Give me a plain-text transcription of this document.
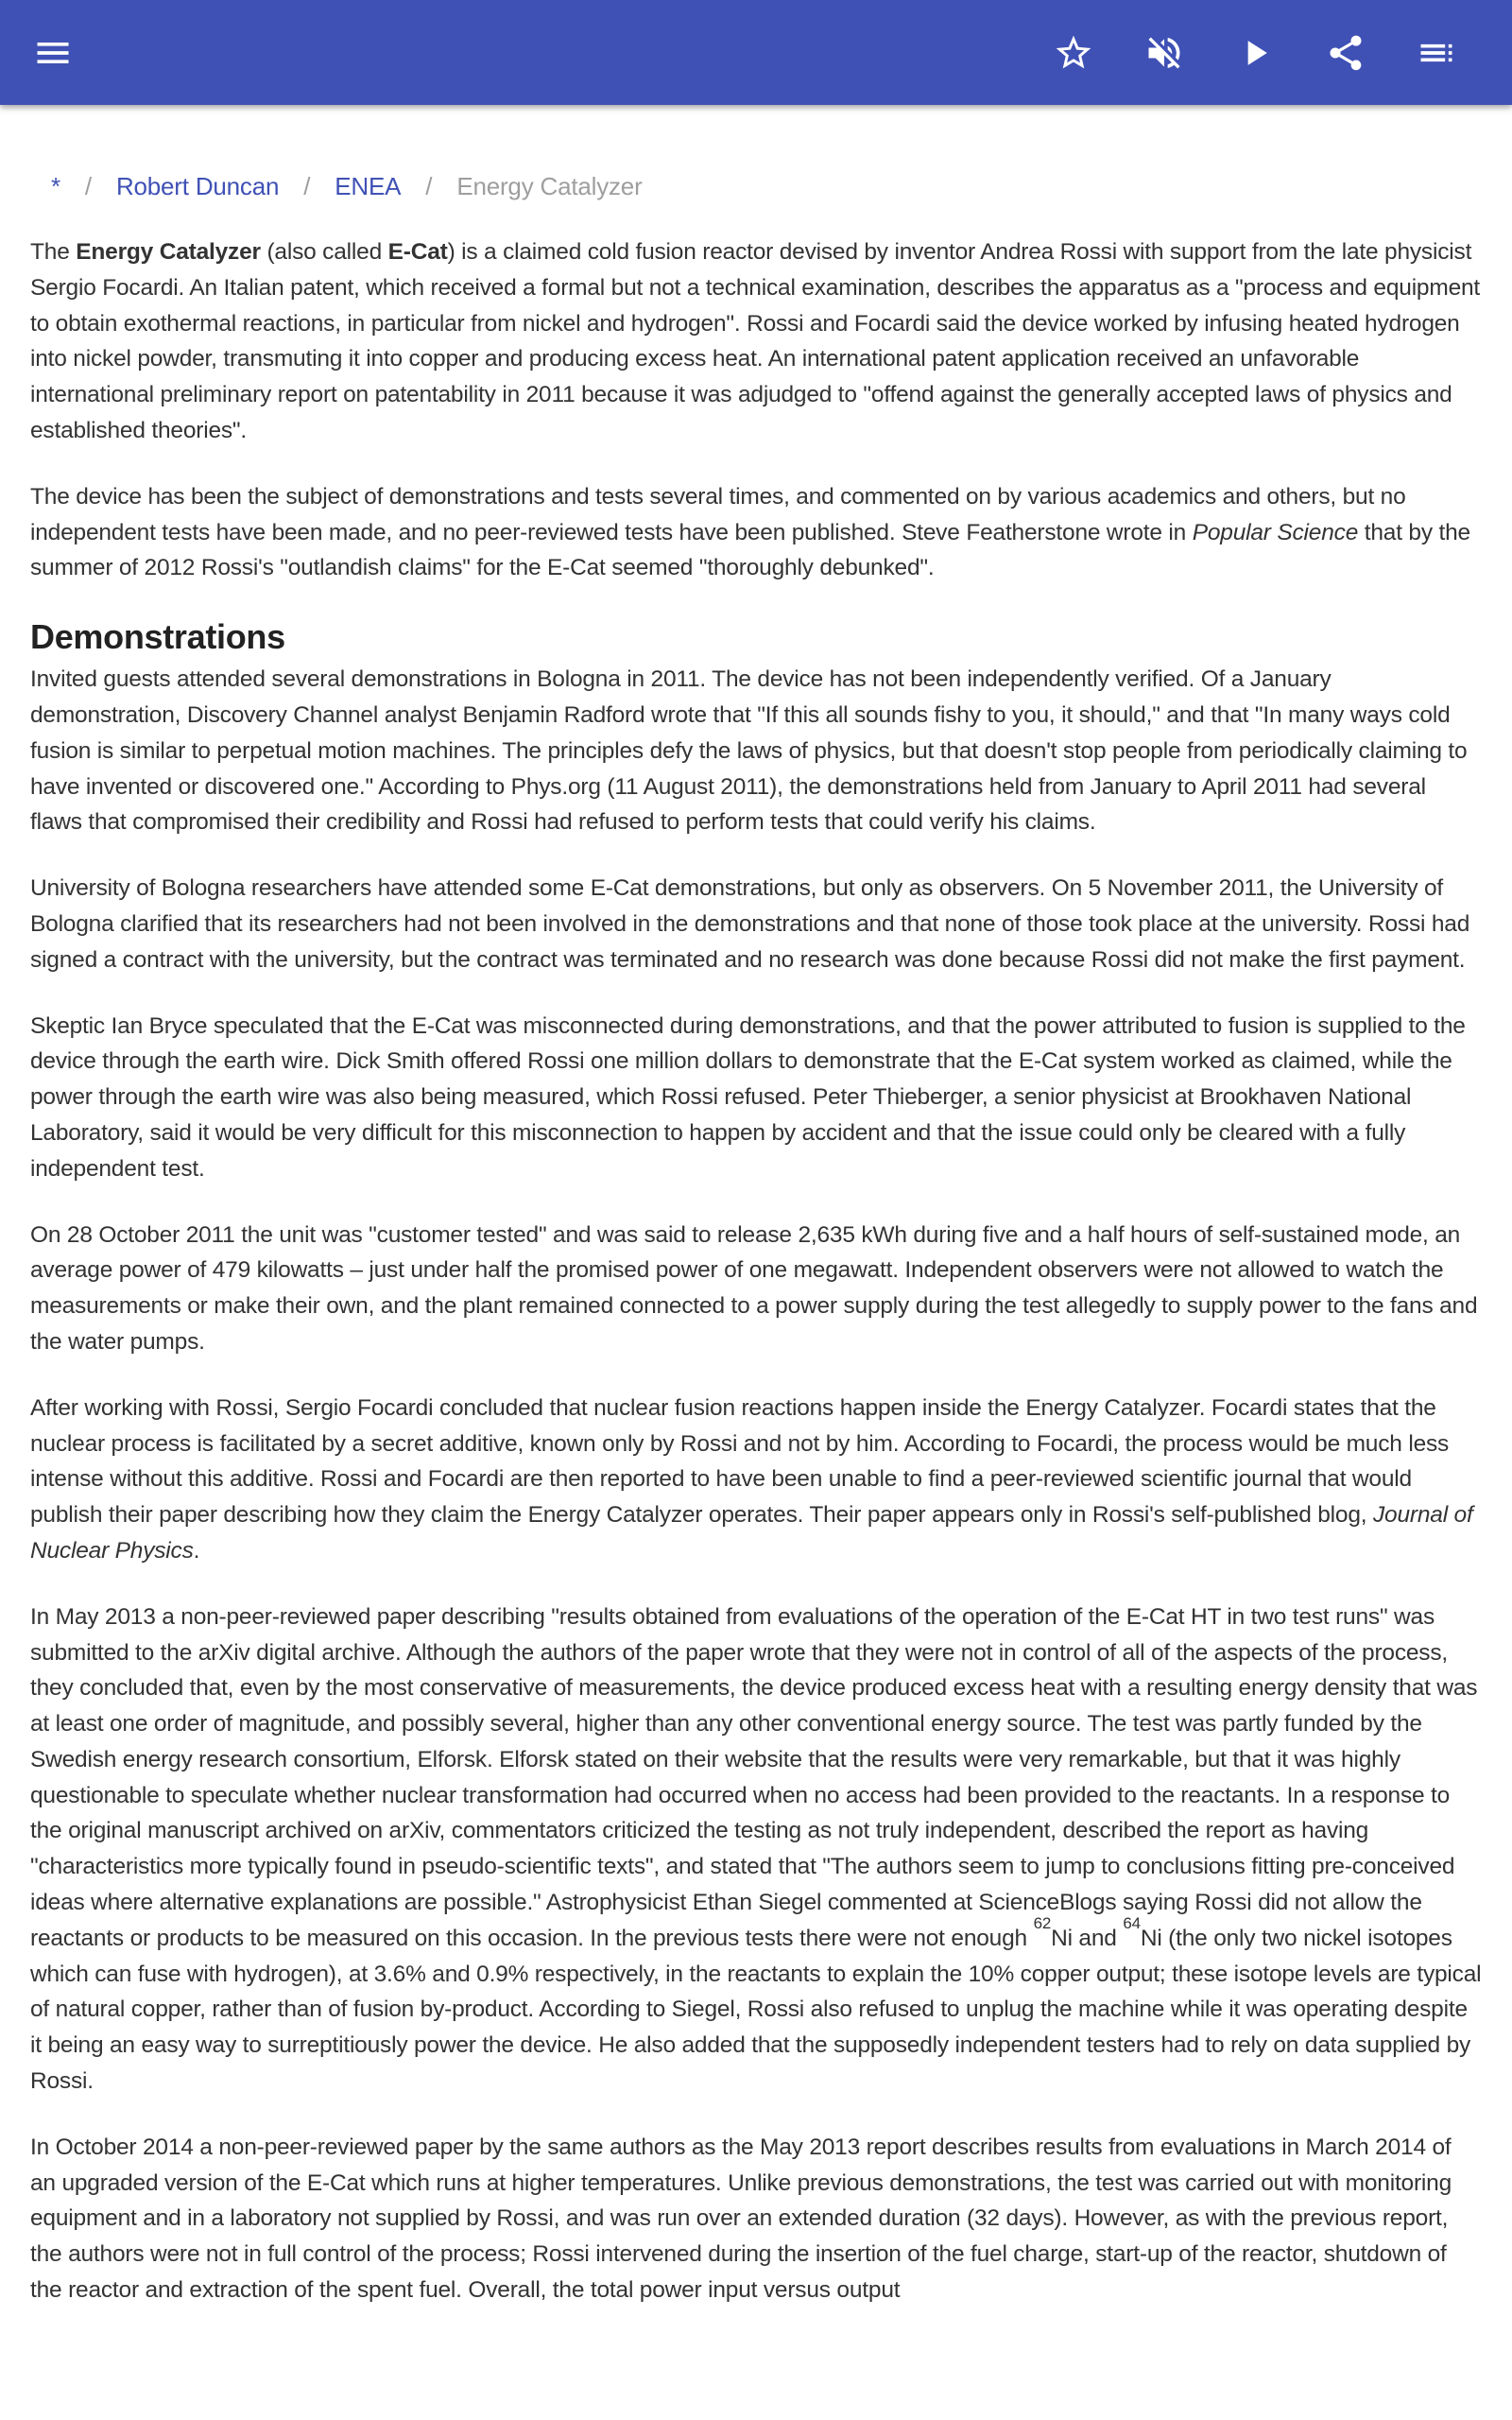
* / Robert Duncan / ENEA / Energy Catalyzer

The Energy Catalyzer (also called E-Cat) is a claimed cold fusion reactor devised by inventor Andrea Rossi with support from the late physicist Sergio Focardi. An Italian patent, which received a formal but not a technical examination, describes the apparatus as a "process and equipment to obtain exothermal reactions, in particular from nickel and hydrogen". Rossi and Focardi said the device worked by infusing heated hydrogen into nickel powder, transmuting it into copper and producing excess heat. An international patent application received an unfavorable international preliminary report on patentability in 2011 because it was adjudged to "offend against the generally accepted laws of physics and established theories".

The device has been the subject of demonstrations and tests several times, and commented on by various academics and others, but no independent tests have been made, and no peer-reviewed tests have been published. Steve Featherstone wrote in Popular Science that by the summer of 2012 Rossi's "outlandish claims" for the E-Cat seemed "thoroughly debunked".

Demonstrations

Invited guests attended several demonstrations in Bologna in 2011. The device has not been independently verified. Of a January demonstration, Discovery Channel analyst Benjamin Radford wrote that "If this all sounds fishy to you, it should," and that "In many ways cold fusion is similar to perpetual motion machines. The principles defy the laws of physics, but that doesn't stop people from periodically claiming to have invented or discovered one." According to Phys.org (11 August 2011), the demonstrations held from January to April 2011 had several flaws that compromised their credibility and Rossi had refused to perform tests that could verify his claims.

University of Bologna researchers have attended some E-Cat demonstrations, but only as observers. On 5 November 2011, the University of Bologna clarified that its researchers had not been involved in the demonstrations and that none of those took place at the university. Rossi had signed a contract with the university, but the contract was terminated and no research was done because Rossi did not make the first payment.

Skeptic Ian Bryce speculated that the E-Cat was misconnected during demonstrations, and that the power attributed to fusion is supplied to the device through the earth wire. Dick Smith offered Rossi one million dollars to demonstrate that the E-Cat system worked as claimed, while the power through the earth wire was also being measured, which Rossi refused. Peter Thieberger, a senior physicist at Brookhaven National Laboratory, said it would be very difficult for this misconnection to happen by accident and that the issue could only be cleared with a fully independent test.

On 28 October 2011 the unit was "customer tested" and was said to release 2,635 kWh during five and a half hours of self-sustained mode, an average power of 479 kilowatts – just under half the promised power of one megawatt. Independent observers were not allowed to watch the measurements or make their own, and the plant remained connected to a power supply during the test allegedly to supply power to the fans and the water pumps.

After working with Rossi, Sergio Focardi concluded that nuclear fusion reactions happen inside the Energy Catalyzer. Focardi states that the nuclear process is facilitated by a secret additive, known only by Rossi and not by him. According to Focardi, the process would be much less intense without this additive. Rossi and Focardi are then reported to have been unable to find a peer-reviewed scientific journal that would publish their paper describing how they claim the Energy Catalyzer operates. Their paper appears only in Rossi's self-published blog, Journal of Nuclear Physics.

In May 2013 a non-peer-reviewed paper describing "results obtained from evaluations of the operation of the E-Cat HT in two test runs" was submitted to the arXiv digital archive. Although the authors of the paper wrote that they were not in control of all of the aspects of the process, they concluded that, even by the most conservative of measurements, the device produced excess heat with a resulting energy density that was at least one order of magnitude, and possibly several, higher than any other conventional energy source. The test was partly funded by the Swedish energy research consortium, Elforsk. Elforsk stated on their website that the results were very remarkable, but that it was highly questionable to speculate whether nuclear transformation had occurred when no access had been provided to the reactants. In a response to the original manuscript archived on arXiv, commentators criticized the testing as not truly independent, described the report as having "characteristics more typically found in pseudo-scientific texts", and stated that "The authors seem to jump to conclusions fitting pre-conceived ideas where alternative explanations are possible." Astrophysicist Ethan Siegel commented at ScienceBlogs saying Rossi did not allow the reactants or products to be measured on this occasion. In the previous tests there were not enough $^{62}$Ni and $^{64}$Ni (the only two nickel isotopes which can fuse with hydrogen), at 3.6% and 0.9% respectively, in the reactants to explain the 10% copper output; these isotope levels are typical of natural copper, rather than of fusion by-product. According to Siegel, Rossi also refused to unplug the machine while it was operating despite it being an easy way to surreptitiously power the device. He also added that the supposedly independent testers had to rely on data supplied by Rossi.

In October 2014 a non-peer-reviewed paper by the same authors as the May 2013 report describes results from evaluations in March 2014 of an upgraded version of the E-Cat which runs at higher temperatures. Unlike previous demonstrations, the test was carried out with monitoring equipment and in a laboratory not supplied by Rossi, and was run over an extended duration (32 days). However, as with the previous report, the authors were not in full control of the process; Rossi intervened during the insertion of the fuel charge, start-up of the reactor, shutdown of the reactor and extraction of the spent fuel. Overall, the total power input versus output
